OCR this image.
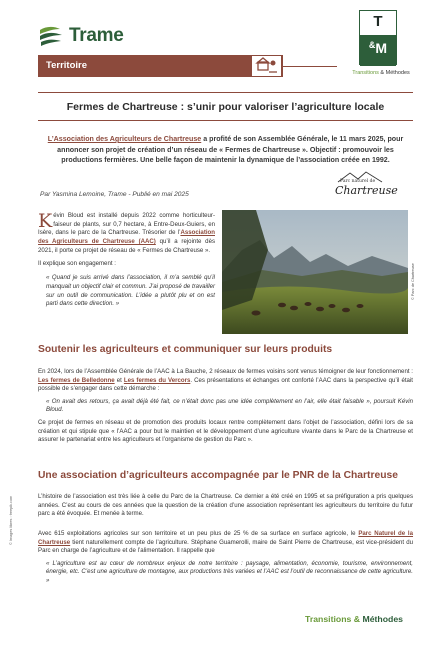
Trame
T
&M
Transitions & Méthodes
Territoire
Fermes de Chartreuse : s’unir pour valoriser l’agriculture locale
L’Association des Agriculteurs de Chartreuse a profité de son Assemblée Générale, le 11 mars 2025, pour annoncer son projet de création d’un réseau de « Fermes de Chartreuse ». Objectif : promouvoir les productions fermières. Une belle façon de maintenir la dynamique de l’association créée en 1992.
Par Yasmina Lemoine, Trame - Publié en mai 2025
Parc naturel de
Chartreuse

Kévin Bloud est installé depuis 2022 comme horticulteur-faiseur de plants, sur 0,7 hectare, à Entre-Deux-Guiers, en Isère, dans le parc de la Chartreuse. Trésorier de l’Association des Agriculteurs de Chartreuse (AAC) qu’il a rejointe dès 2021, il porte ce projet de réseau de « Fermes de Chartreuse ».

Il explique son engagement :

« Quand je suis arrivé dans l’association, il m’a semblé qu’il manquait un objectif clair et commun. J’ai proposé de travailler sur un outil de communication. L’idée a plutôt plu et on est parti dans cette direction. »

© Parc de Chartreuse
Soutenir les agriculteurs et communiquer sur leurs produits

En 2024, lors de l’Assemblée Générale de l’AAC à La Bauche, 2 réseaux de fermes voisins sont venus témoigner de leur fonctionnement : Les fermes de Belledonne et Les fermes du Vercors. Ces présentations et échanges ont conforté l’AAC dans la perspective qu’il était possible de s’engager dans cette démarche :

« On avait des retours, ça avait déjà été fait, ce n’était donc pas une idée complètement en l’air, elle était faisable », poursuit Kévin Bloud.

Ce projet de fermes en réseau et de promotion des produits locaux rentre complètement dans l’objet de l’association, défini lors de sa création et qui stipule que « l’AAC a pour but le maintien et le développement d’une agriculture vivante dans le Parc de la Chartreuse et assurer le partenariat entre les agriculteurs et l’organisme de gestion du Parc ».
Une association d’agriculteurs accompagnée par le PNR de la Chartreuse
L’histoire de l’association est très liée à celle du Parc de la Chartreuse. Ce dernier a été créé en 1995 et sa préfiguration a pris quelques années. C’est au cours de ces années que la question de la création d’une association représentant les agriculteurs du territoire du futur parc a été évoquée. Et menée à terme.

Avec 615 exploitations agricoles sur son territoire et un peu plus de 25 % de sa surface en surface agricole, le Parc Naturel de la Chartreuse tient naturellement compte de l’agriculture. Stéphane Guamerolli, maire de Saint Pierre de Chartreuse, est vice-président du Parc en charge de l’agriculture et de l’alimentation. Il rappelle que

« L’agriculture est au cœur de nombreux enjeux de notre territoire : paysage, alimentation, économie, tourisme, environnement, énergie, etc. C’est une agriculture de montagne, aux productions très variées et l’AAC est l’outil de reconnaissance de cette agriculture. »

© Images libres : freepik.com
Transitions & Méthodes
